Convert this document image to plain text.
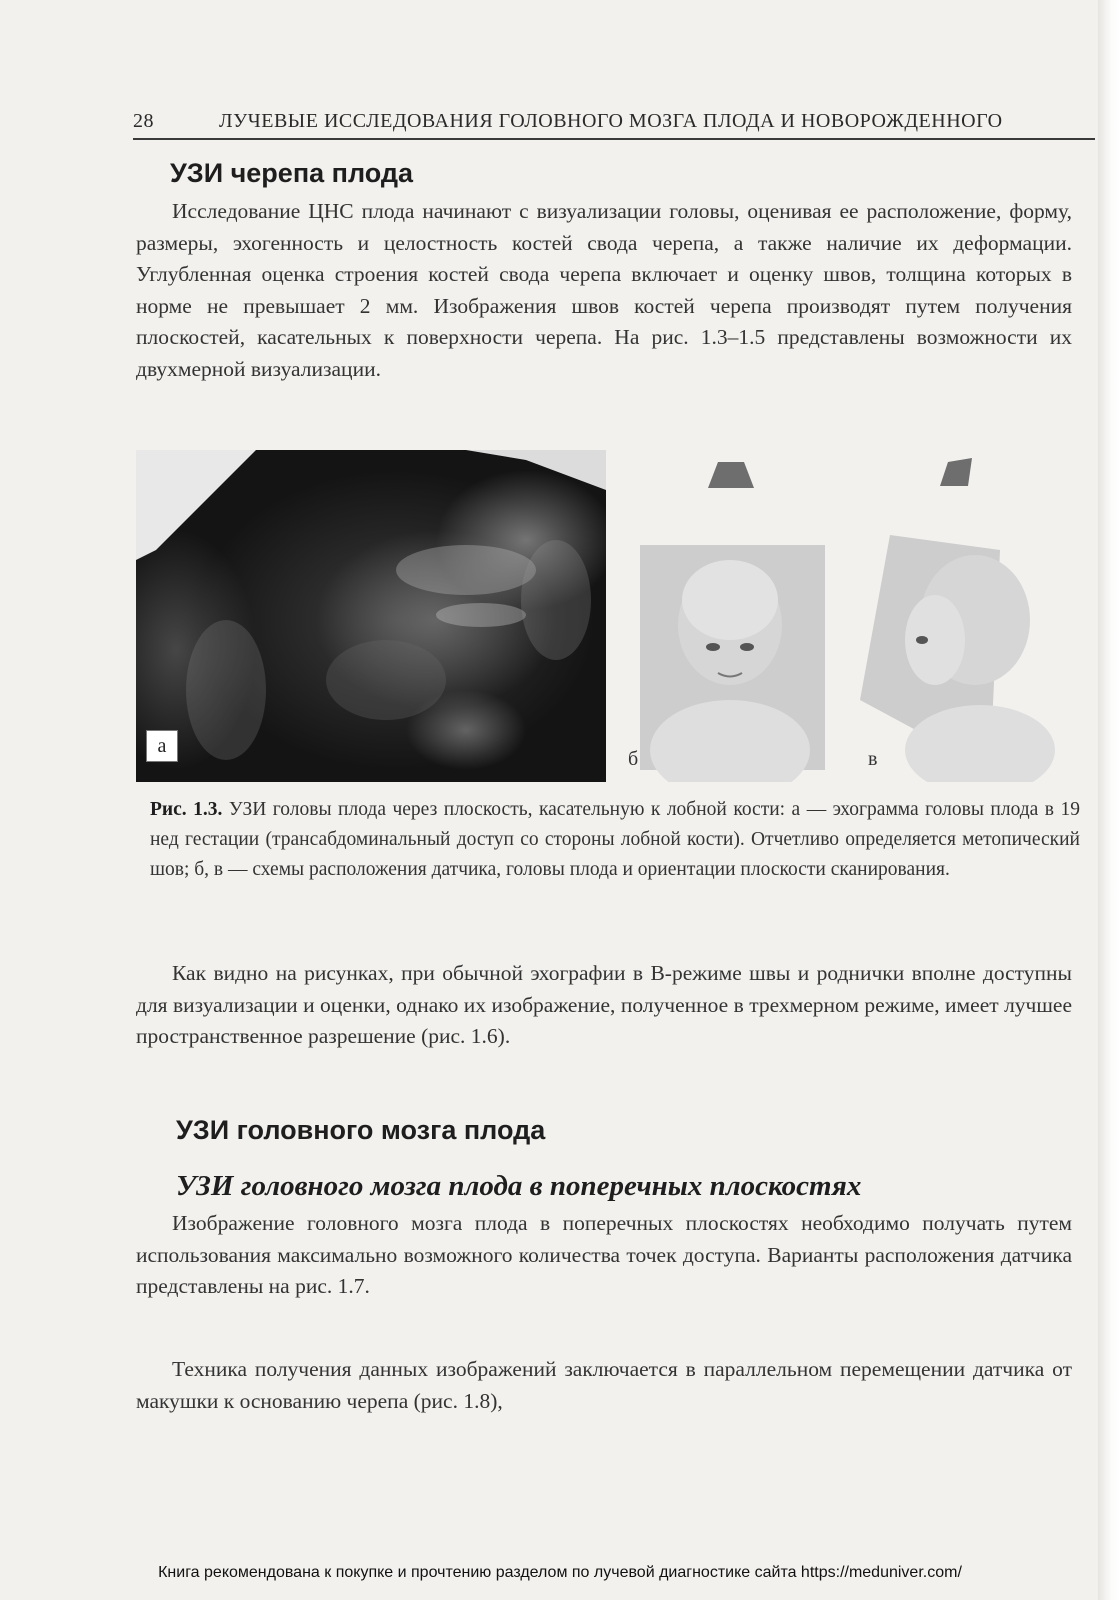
28	ЛУЧЕВЫЕ ИССЛЕДОВАНИЯ ГОЛОВНОГО МОЗГА ПЛОДА И НОВОРОЖДЕННОГО
УЗИ черепа плода
Исследование ЦНС плода начинают с визуализации головы, оценивая ее расположение, форму, размеры, эхогенность и целостность костей свода черепа, а также наличие их деформации. Углубленная оценка строения костей свода черепа включает и оценку швов, толщина которых в норме не превышает 2 мм. Изображения швов костей черепа производят путем получения плоскостей, касательных к поверхности черепа. На рис. 1.3–1.5 представлены возможности их двухмерной визуализации.
а
б	в
Рис. 1.3. УЗИ головы плода через плоскость, касательную к лобной кости: а — эхограмма головы плода в 19 нед гестации (трансабдоминальный доступ со стороны лобной кости). Отчетливо определяется метопический шов; б, в — схемы расположения датчика, головы плода и ориентации плоскости сканирования.
Как видно на рисунках, при обычной эхографии в В-режиме швы и роднички вполне доступны для визуализации и оценки, однако их изображение, полученное в трехмерном режиме, имеет лучшее пространственное разрешение (рис. 1.6).
УЗИ головного мозга плода
УЗИ головного мозга плода в поперечных плоскостях
Изображение головного мозга плода в поперечных плоскостях необходимо получать путем использования максимально возможного количества точек доступа. Варианты расположения датчика представлены на рис. 1.7.
Техника получения данных изображений заключается в параллельном перемещении датчика от макушки к основанию черепа (рис. 1.8),
Книга рекомендована к покупке и прочтению разделом по лучевой диагностике сайта https://meduniver.com/
